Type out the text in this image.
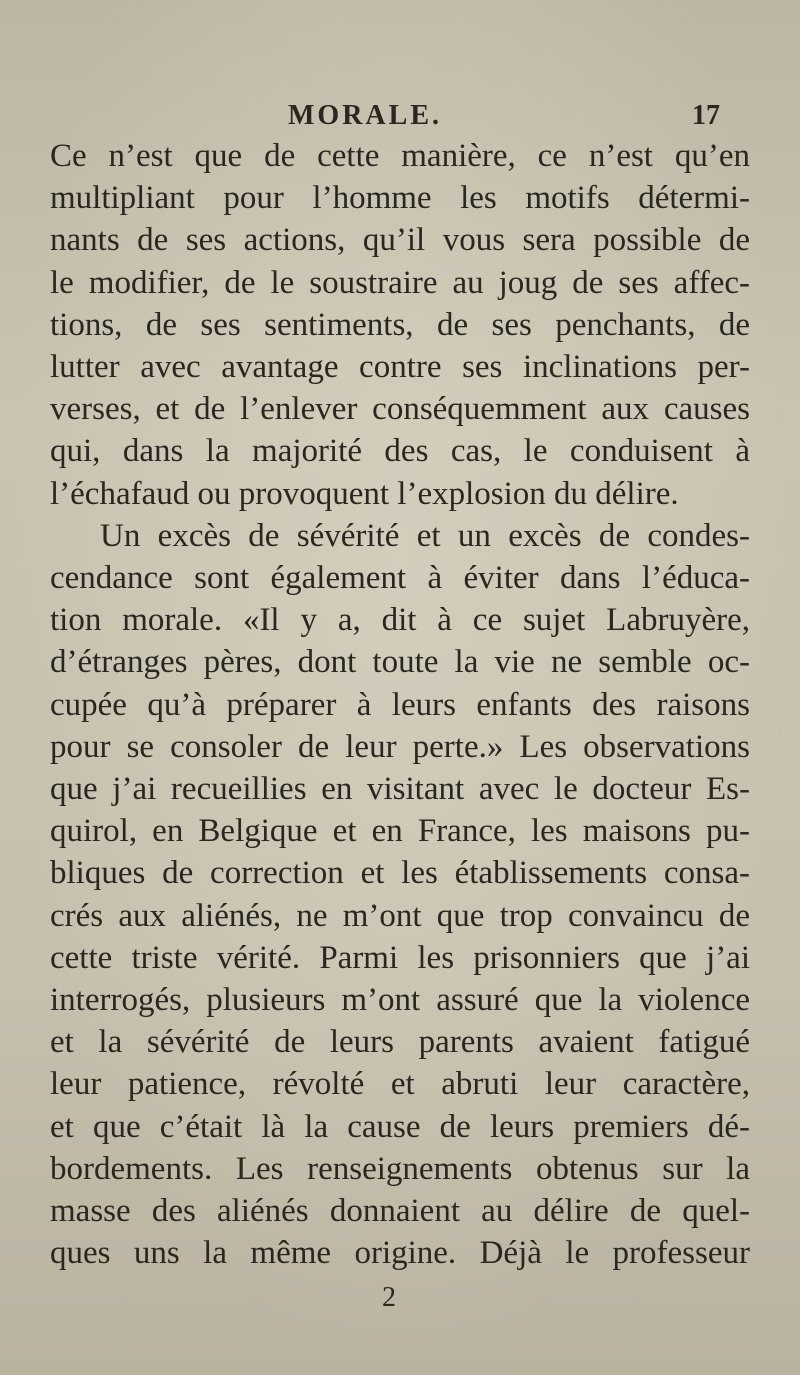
MORALE.	17
Ce n’est que de cette manière, ce n’est qu’en
multipliant pour l’homme les motifs détermi-
nants de ses actions, qu’il vous sera possible de
le modifier, de le soustraire au joug de ses affec-
tions, de ses sentiments, de ses penchants, de
lutter avec avantage contre ses inclinations per-
verses, et de l’enlever conséquemment aux causes
qui, dans la majorité des cas, le conduisent à
l’échafaud ou provoquent l’explosion du délire.
Un excès de sévérité et un excès de condes-
cendance sont également à éviter dans l’éduca-
tion morale. «Il y a, dit à ce sujet Labruyère,
d’étranges pères, dont toute la vie ne semble oc-
cupée qu’à préparer à leurs enfants des raisons
pour se consoler de leur perte.» Les observations
que j’ai recueillies en visitant avec le docteur Es-
quirol, en Belgique et en France, les maisons pu-
bliques de correction et les établissements consa-
crés aux aliénés, ne m’ont que trop convaincu de
cette triste vérité. Parmi les prisonniers que j’ai
interrogés, plusieurs m’ont assuré que la violence
et la sévérité de leurs parents avaient fatigué
leur patience, révolté et abruti leur caractère,
et que c’était là la cause de leurs premiers dé-
bordements. Les renseignements obtenus sur la
masse des aliénés donnaient au délire de quel-
ques uns la même origine. Déjà le professeur
2
